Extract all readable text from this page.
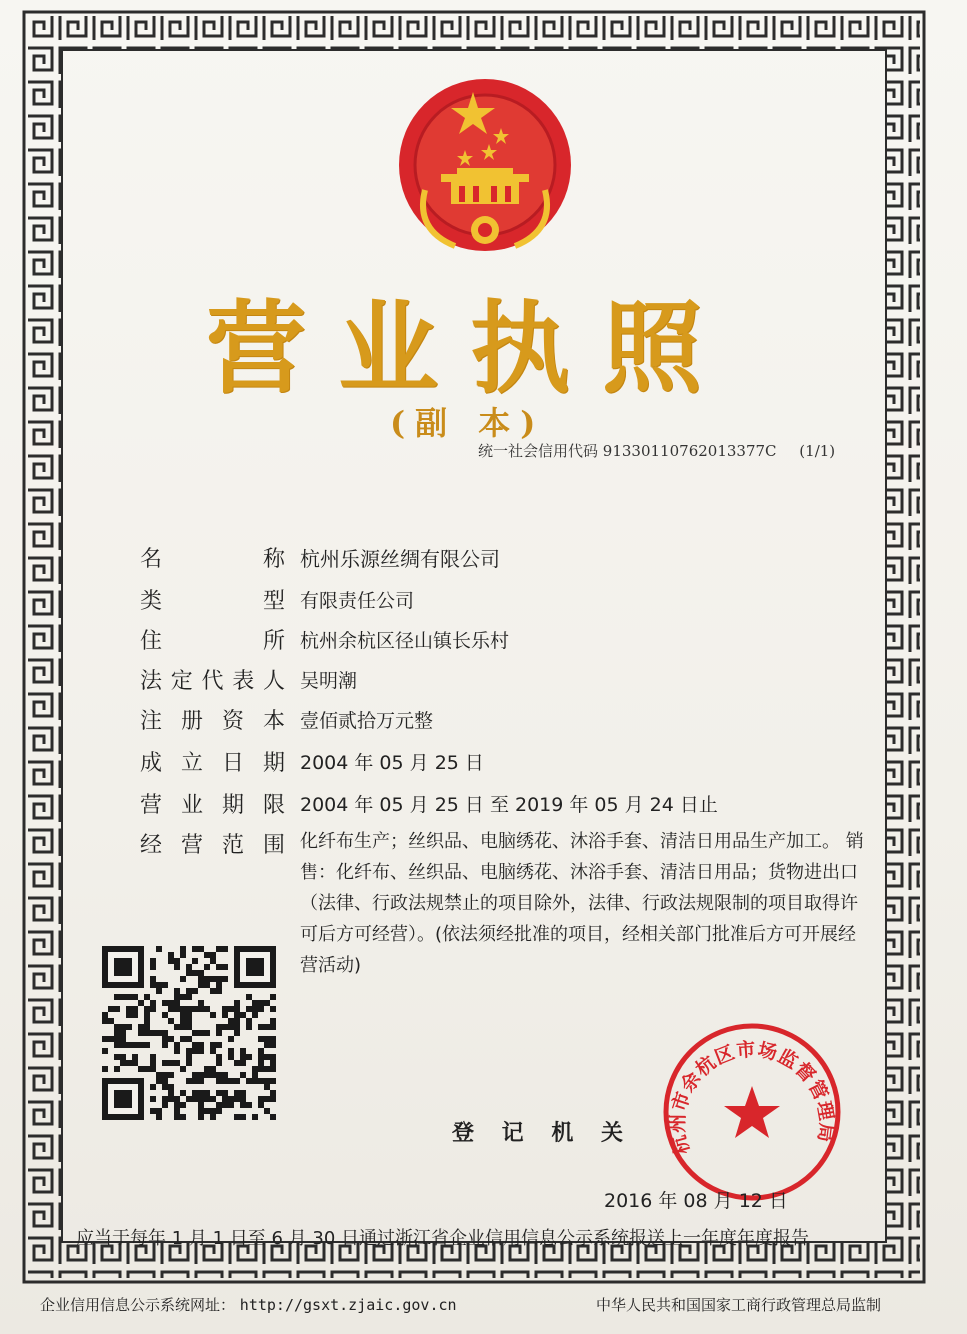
营业执照
(副 本)
统一社会信用代码 91330110762013377C (1/1)
名	称 杭州乐源丝绸有限公司
类	型 有限责任公司
住	所 杭州余杭区径山镇长乐村
法 定 代 表 人 吴明潮
注 册 资 本 壹佰贰拾万元整
成 立 日 期 2004 年 05 月 25 日
营 业 期 限 2004 年 05 月 25 日 至 2019 年 05 月 24 日止
经 营 范 围 化纤布生产；丝织品、电脑绣花、沐浴手套、清洁日用品生产加工。 销售：化纤布、丝织品、电脑绣花、沐浴手套、清洁日用品；货物进出口（法律、行政法规禁止的项目除外，法律、行政法规限制的项目取得许可后方可经营）。(依法须经批准的项目，经相关部门批准后方可开展经营活动)
登 记 机 关 杭州市余杭区市场监督管理局
2016 年 08 月 12 日
应当于每年 1 月 1 日至 6 月 30 日通过浙江省企业信用信息公示系统报送上一年度年度报告
企业信用信息公示系统网址： http://gsxt.zjaic.gov.cn	中华人民共和国国家工商行政管理总局监制
